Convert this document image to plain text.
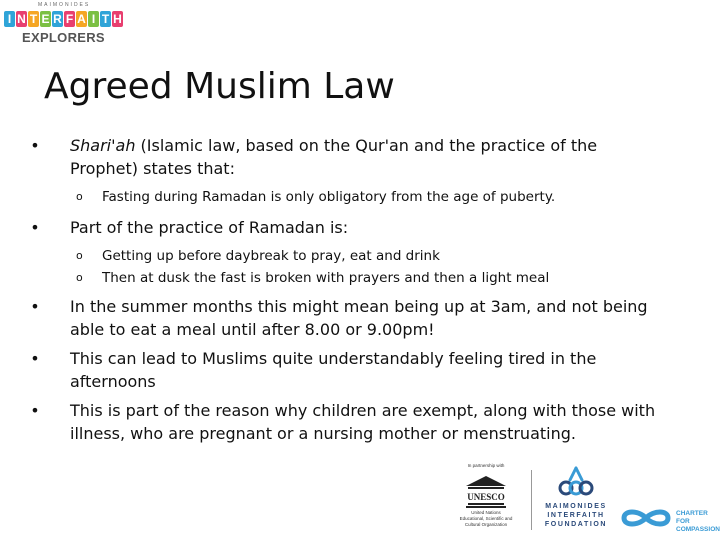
MAIMONIDES
I N T E R F A I T H
EXPLORERS
Agreed Muslim Law

• Shari'ah (Islamic law, based on the Qur'an and the practice of the
Prophet) states that:

o Fasting during Ramadan is only obligatory from the age of puberty.

• Part of the practice of Ramadan is:

o Getting up before daybreak to pray, eat and drink

o Then at dusk the fast is broken with prayers and then a light meal

• In the summer months this might mean being up at 3am, and not being
able to eat a meal until after 8.00 or 9.00pm!

• This can lead to Muslims quite understandably feeling tired in the
afternoons

• This is part of the reason why children are exempt, along with those with
illness, who are pregnant or a nursing mother or menstruating.

In partnership with
UNESCO
United Nations
Educational, Scientific and
Cultural Organization
MAIMONIDES
INTERFAITH
FOUNDATION
CHARTER
FOR
COMPASSION
